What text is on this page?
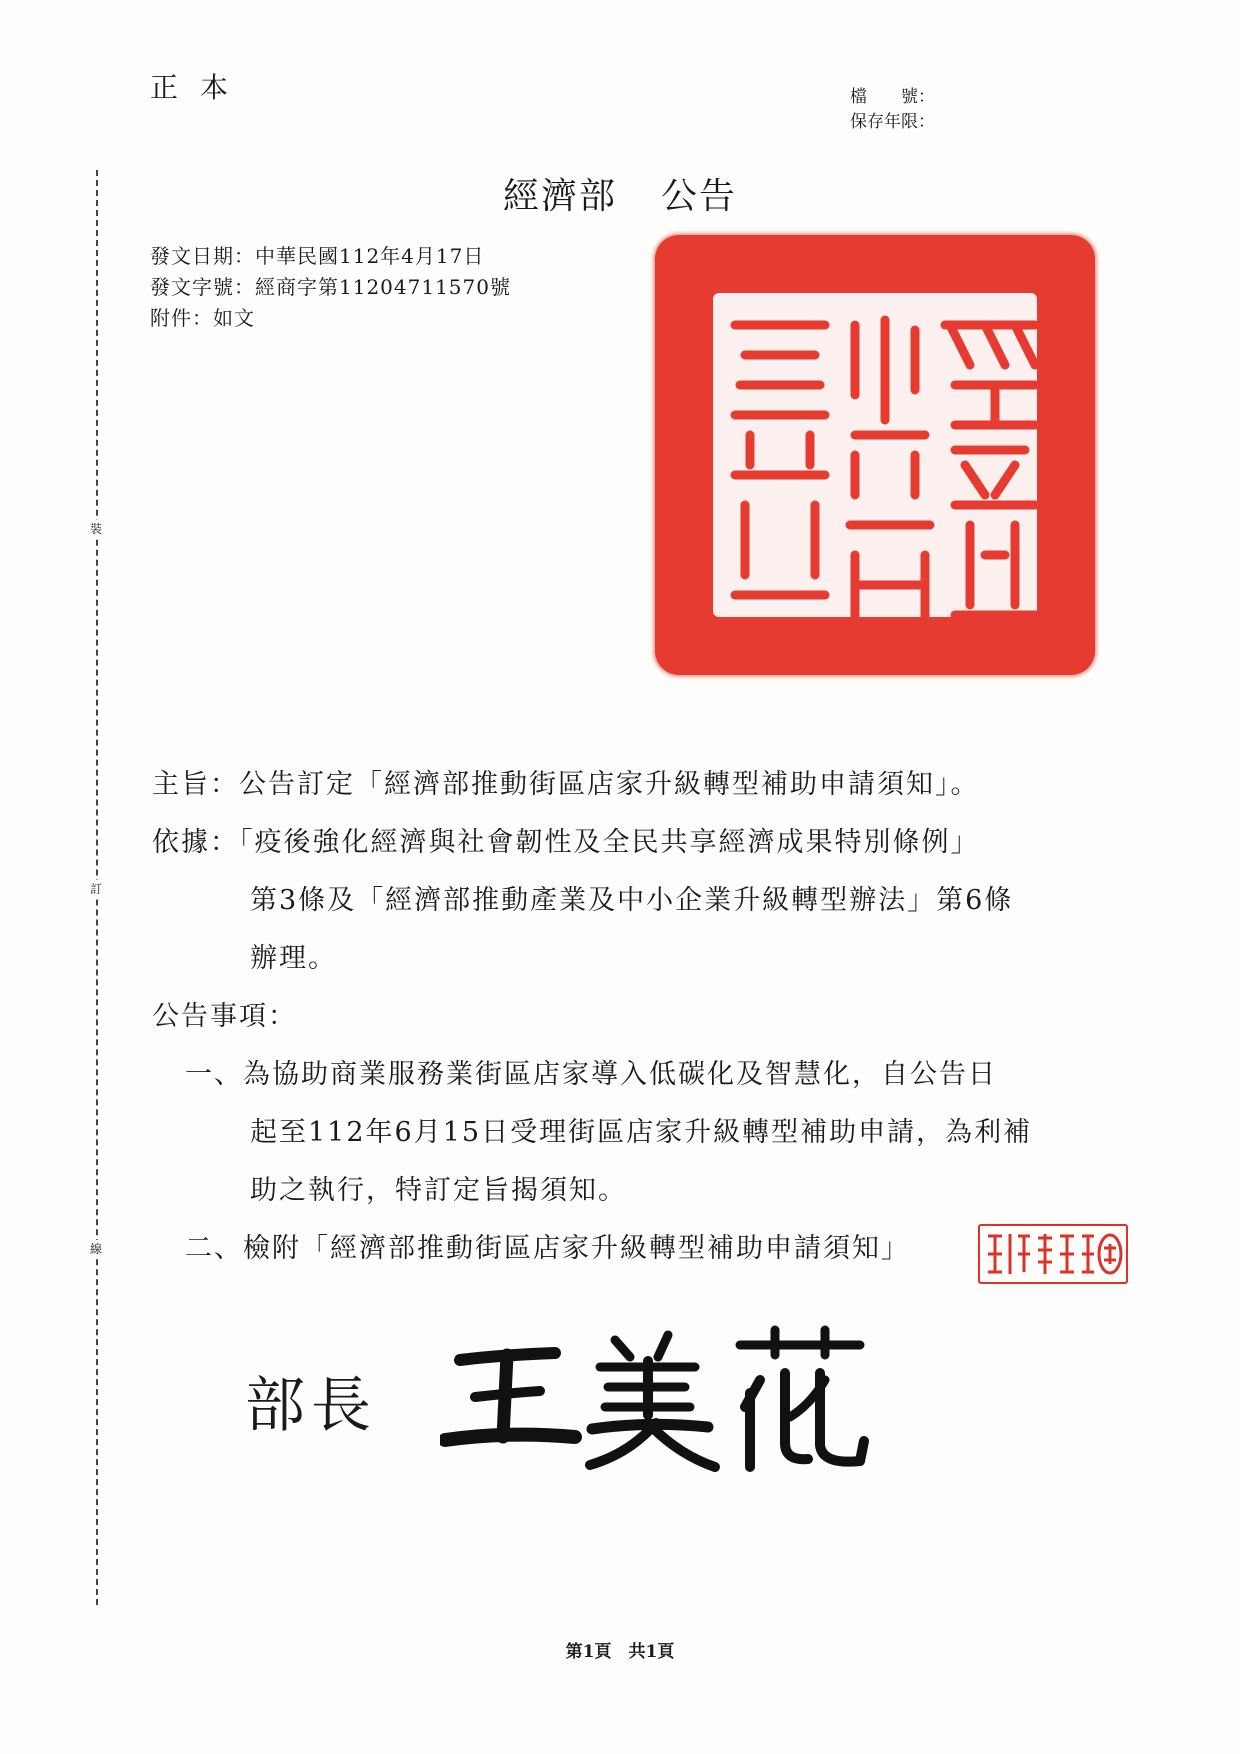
正本	檔　　號：
保存年限：
經濟部 公告
發文日期：中華民國112年4月17日
發文字號：經商字第11204711570號
附件：如文
裝
訂
線
主旨：公告訂定「經濟部推動街區店家升級轉型補助申請須知」。
依據：「疫後強化經濟與社會韌性及全民共享經濟成果特別條例」
第3條及「經濟部推動產業及中小企業升級轉型辦法」第6條
辦理。
公告事項：
一、為協助商業服務業街區店家導入低碳化及智慧化，自公告日
起至112年6月15日受理街區店家升級轉型補助申請，為利補
助之執行，特訂定旨揭須知。
二、檢附「經濟部推動街區店家升級轉型補助申請須知」
部長
第1頁　共1頁
